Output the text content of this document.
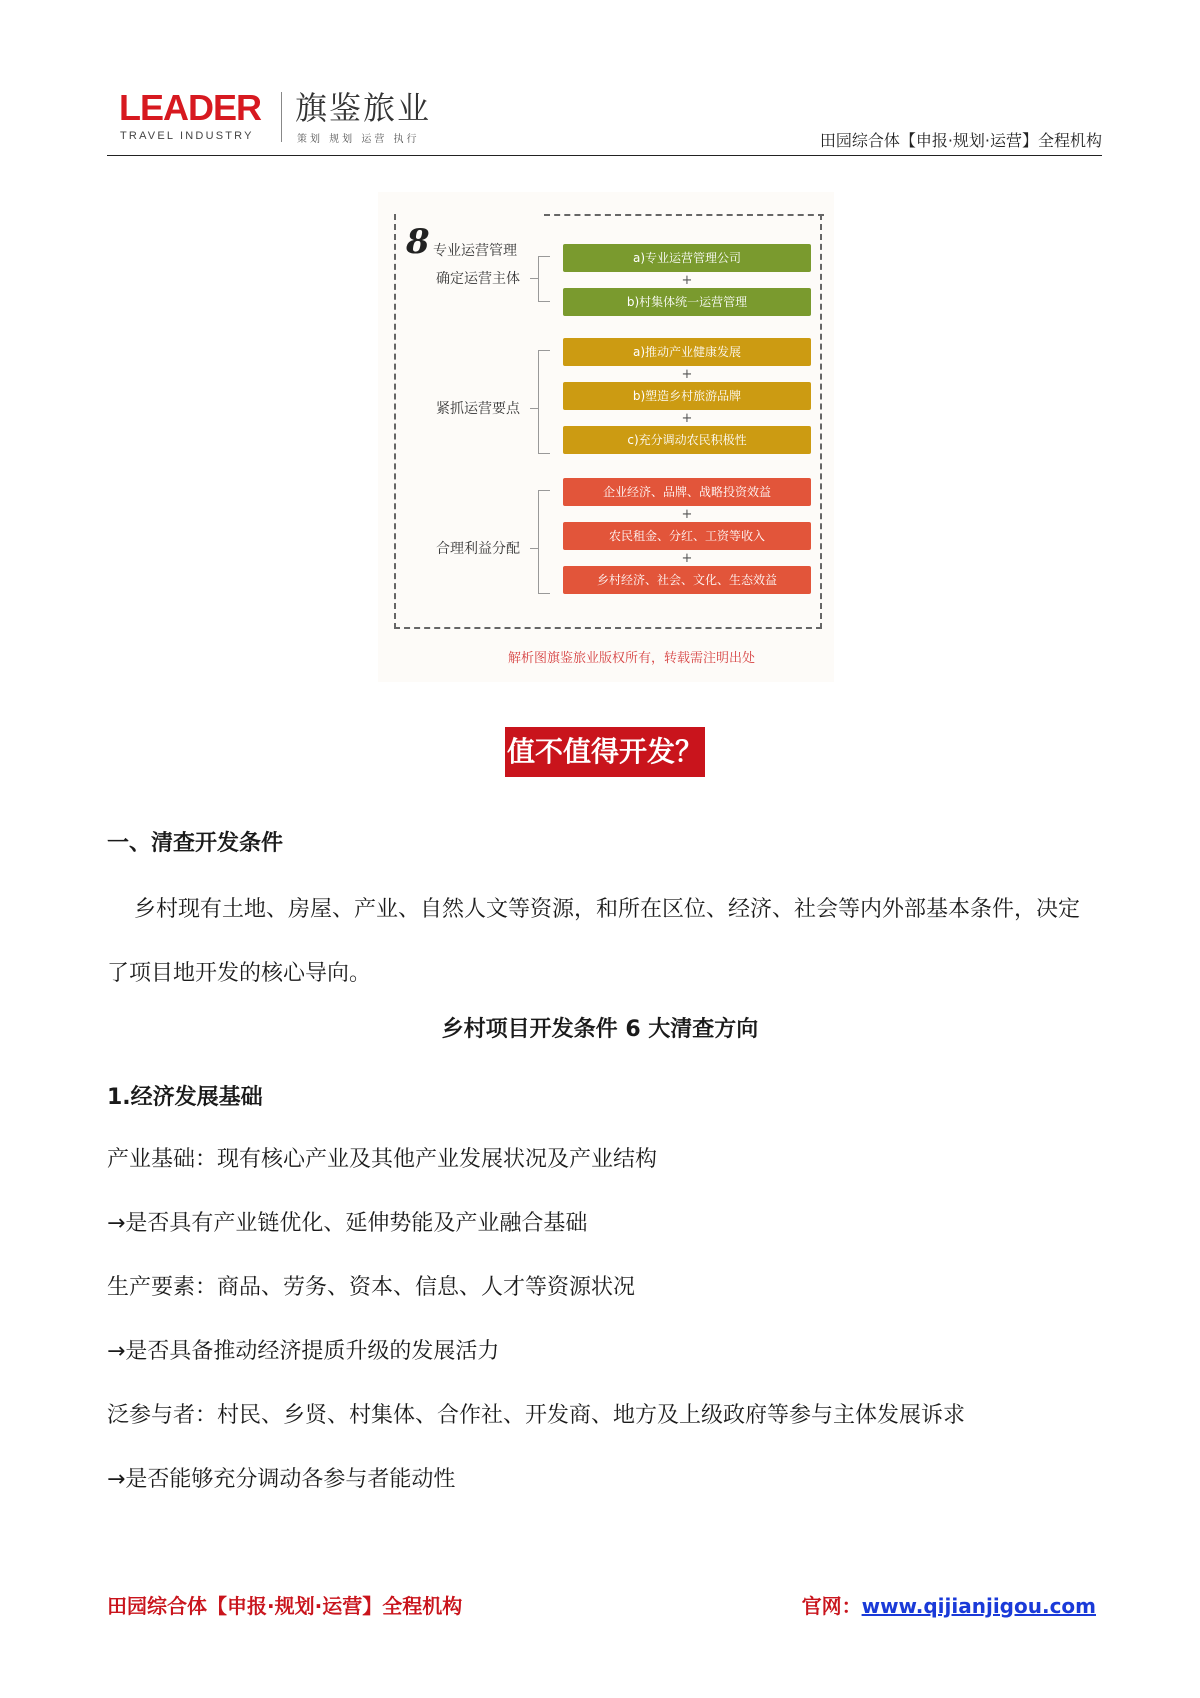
LEADER
TRAVEL INDUSTRY
旗鉴旅业
策划 规划 运营 执行	田园综合体【申报·规划·运营】全程机构
8 专业运营管理
确定运营主体
a)专业运营管理公司
+
b)村集体统一运营管理
紧抓运营要点
a)推动产业健康发展
+
b)塑造乡村旅游品牌
+
c)充分调动农民积极性
合理利益分配
企业经济、品牌、战略投资效益
+
农民租金、分红、工资等收入
+
乡村经济、社会、文化、生态效益
解析图旗鉴旅业版权所有，转载需注明出处
值不值得开发？
一、清查开发条件
乡村现有土地、房屋、产业、自然人文等资源，和所在区位、经济、社会等内外部基本条件，决定了项目地开发的核心导向。
乡村项目开发条件 6 大清查方向
1.经济发展基础
产业基础：现有核心产业及其他产业发展状况及产业结构
→是否具有产业链优化、延伸势能及产业融合基础
生产要素：商品、劳务、资本、信息、人才等资源状况
→是否具备推动经济提质升级的发展活力
泛参与者：村民、乡贤、村集体、合作社、开发商、地方及上级政府等参与主体发展诉求
→是否能够充分调动各参与者能动性
田园综合体【申报·规划·运营】全程机构	官网：www.qijianjigou.com
